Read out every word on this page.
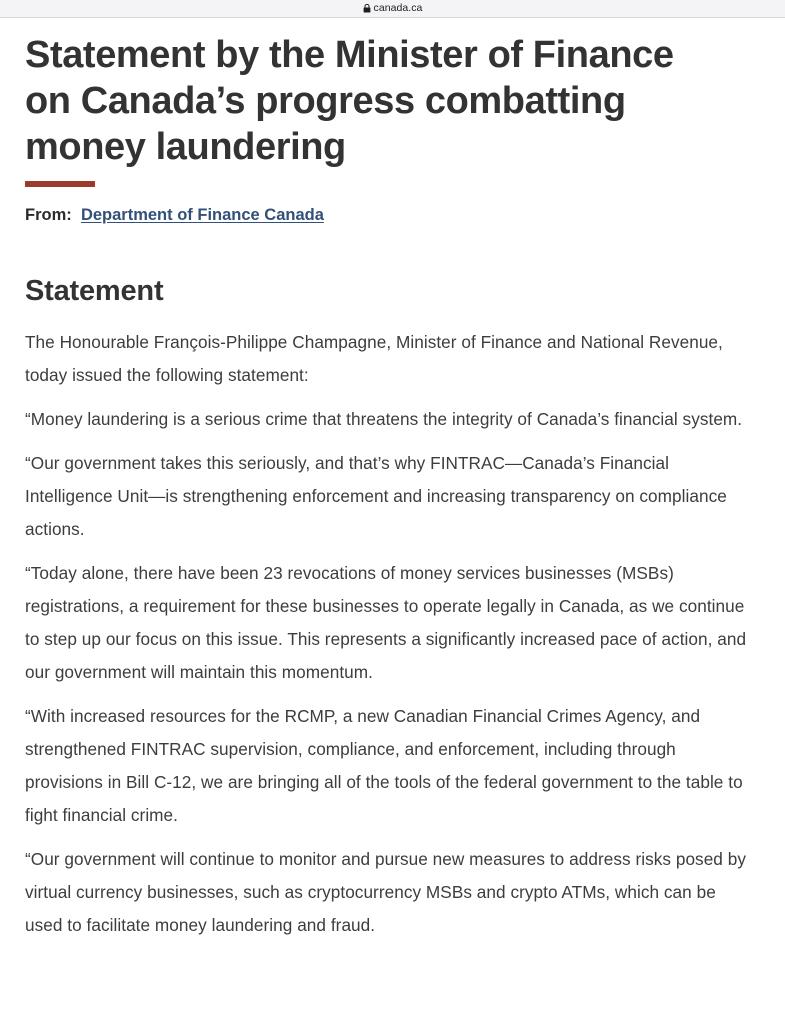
canada.ca
Statement by the Minister of Finance on Canada’s progress combatting money laundering
From: Department of Finance Canada
Statement

The Honourable François-Philippe Champagne, Minister of Finance and National Revenue, today issued the following statement:

“Money laundering is a serious crime that threatens the integrity of Canada’s financial system.

“Our government takes this seriously, and that’s why FINTRAC—Canada’s Financial Intelligence Unit—is strengthening enforcement and increasing transparency on compliance actions.

“Today alone, there have been 23 revocations of money services businesses (MSBs) registrations, a requirement for these businesses to operate legally in Canada, as we continue to step up our focus on this issue. This represents a significantly increased pace of action, and our government will maintain this momentum.

“With increased resources for the RCMP, a new Canadian Financial Crimes Agency, and strengthened FINTRAC supervision, compliance, and enforcement, including through provisions in Bill C-12, we are bringing all of the tools of the federal government to the table to fight financial crime.

“Our government will continue to monitor and pursue new measures to address risks posed by virtual currency businesses, such as cryptocurrency MSBs and crypto ATMs, which can be used to facilitate money laundering and fraud.
